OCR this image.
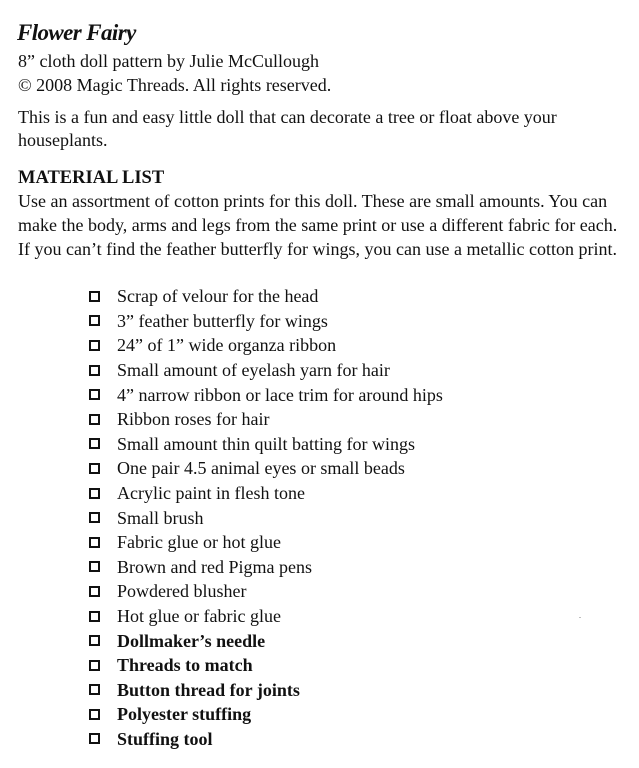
Flower Fairy
8” cloth doll pattern by Julie McCullough
© 2008 Magic Threads. All rights reserved.
This is a fun and easy little doll that can decorate a tree or float above your houseplants.
MATERIAL LIST
Use an assortment of cotton prints for this doll. These are small amounts. You can make the body, arms and legs from the same print or use a different fabric for each. If you can’t find the feather butterfly for wings, you can use a metallic cotton print.
Scrap of velour for the head
3” feather butterfly for wings
24” of 1” wide organza ribbon
Small amount of eyelash yarn for hair
4” narrow ribbon or lace trim for around hips
Ribbon roses for hair
Small amount thin quilt batting for wings
One pair 4.5 animal eyes or small beads
Acrylic paint in flesh tone
Small brush
Fabric glue or hot glue
Brown and red Pigma pens
Powdered blusher
Hot glue or fabric glue
Dollmaker’s needle
Threads to match
Button thread for joints
Polyester stuffing
Stuffing tool
